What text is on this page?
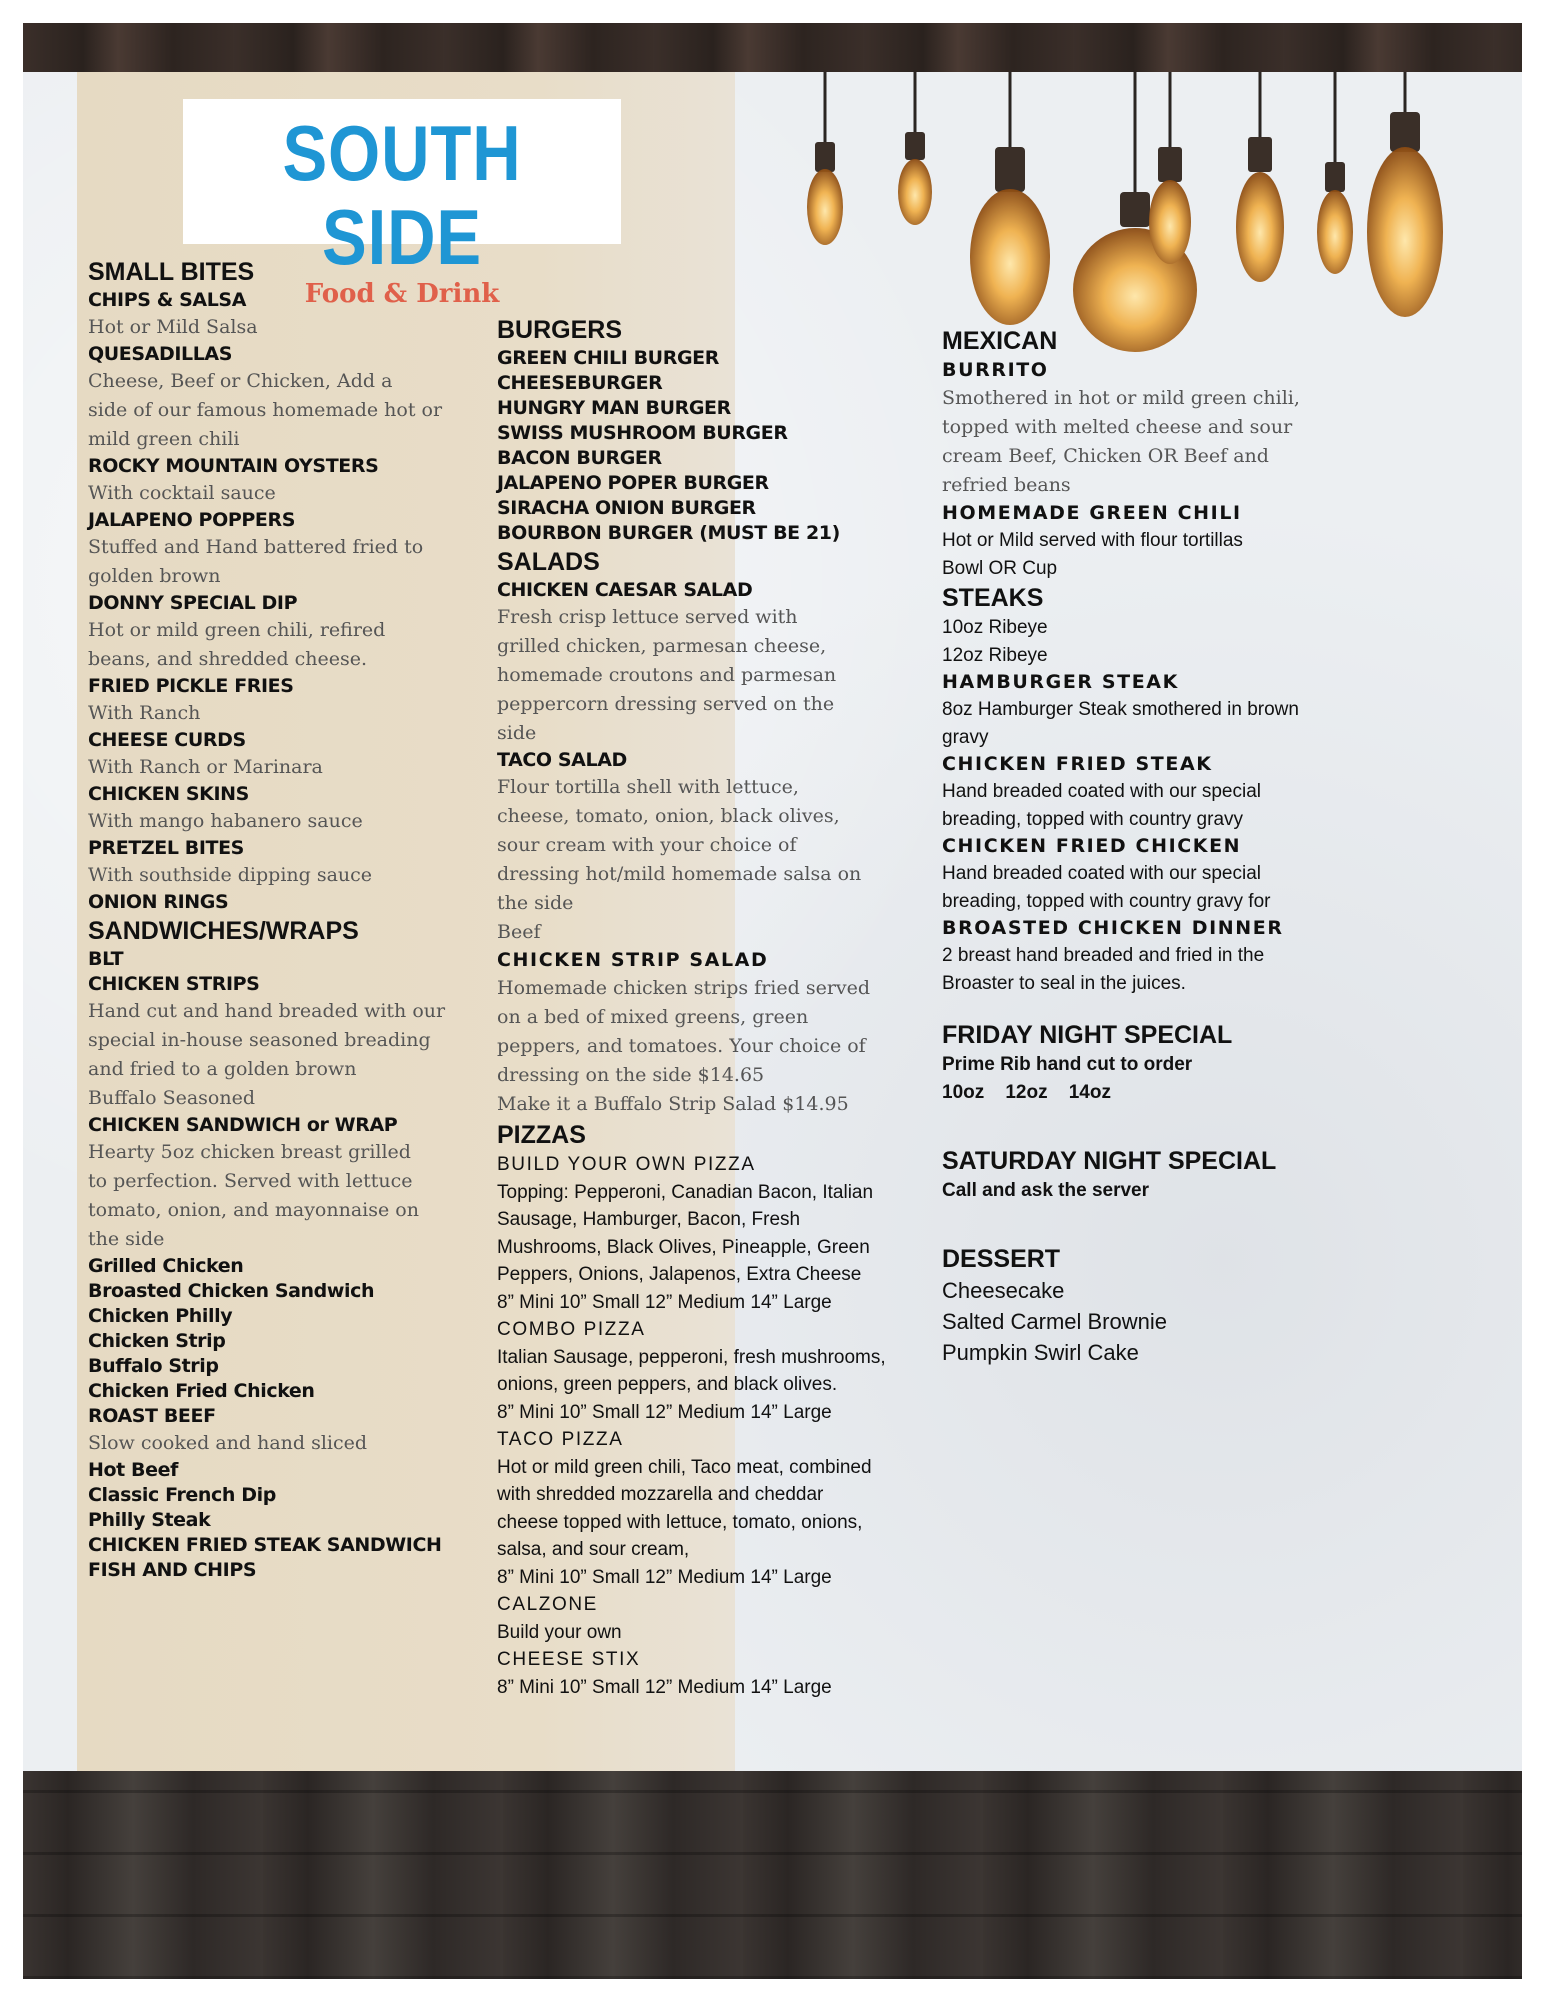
SOUTH SIDE
Food & Drink
SMALL BITES
CHIPS & SALSA
Hot or Mild Salsa
QUESADILLAS
Cheese, Beef or Chicken, Add a
side of our famous homemade hot or
mild green chili
ROCKY MOUNTAIN OYSTERS
With cocktail sauce
JALAPENO POPPERS
Stuffed and Hand battered fried to
golden brown
DONNY SPECIAL DIP
Hot or mild green chili, refired
beans, and shredded cheese.
FRIED PICKLE FRIES
With Ranch
CHEESE CURDS
With Ranch or Marinara
CHICKEN SKINS
With mango habanero sauce
PRETZEL BITES
With southside dipping sauce
ONION RINGS
SANDWICHES/WRAPS
BLT
CHICKEN STRIPS
Hand cut and hand breaded with our
special in-house seasoned breading
and fried to a golden brown
Buffalo Seasoned
CHICKEN SANDWICH or WRAP
Hearty 5oz chicken breast grilled
to perfection. Served with lettuce
tomato, onion, and mayonnaise on
the side
Grilled Chicken
Broasted Chicken Sandwich
Chicken Philly
Chicken Strip
Buffalo Strip
Chicken Fried Chicken
ROAST BEEF
Slow cooked and hand sliced
Hot Beef
Classic French Dip
Philly Steak
CHICKEN FRIED STEAK SANDWICH
FISH AND CHIPS
BURGERS
GREEN CHILI BURGER
CHEESEBURGER
HUNGRY MAN BURGER
SWISS MUSHROOM BURGER
BACON BURGER
JALAPENO POPER BURGER
SIRACHA ONION BURGER
BOURBON BURGER (MUST BE 21)
SALADS
CHICKEN CAESAR SALAD
Fresh crisp lettuce served with
grilled chicken, parmesan cheese,
homemade croutons and parmesan
peppercorn dressing served on the
side
TACO SALAD
Flour tortilla shell with lettuce,
cheese, tomato, onion, black olives,
sour cream with your choice of
dressing hot/mild homemade salsa on
the side
Beef
CHICKEN STRIP SALAD
Homemade chicken strips fried served
on a bed of mixed greens, green
peppers, and tomatoes. Your choice of
dressing on the side $14.65
Make it a Buffalo Strip Salad $14.95
PIZZAS
BUILD YOUR OWN PIZZA
Topping: Pepperoni, Canadian Bacon, Italian
Sausage, Hamburger, Bacon, Fresh
Mushrooms, Black Olives, Pineapple, Green
Peppers, Onions, Jalapenos, Extra Cheese
8” Mini 10” Small 12” Medium 14” Large
COMBO PIZZA
Italian Sausage, pepperoni, fresh mushrooms,
onions, green peppers, and black olives.
8” Mini 10” Small 12” Medium 14” Large
TACO PIZZA
Hot or mild green chili, Taco meat, combined
with shredded mozzarella and cheddar
cheese topped with lettuce, tomato, onions,
salsa, and sour cream,
8” Mini 10” Small 12” Medium 14” Large
CALZONE
Build your own
CHEESE STIX
8” Mini 10” Small 12” Medium 14” Large
MEXICAN
BURRITO
Smothered in hot or mild green chili,
topped with melted cheese and sour
cream Beef, Chicken OR Beef and
refried beans
HOMEMADE GREEN CHILI
Hot or Mild served with flour tortillas
Bowl OR Cup
STEAKS
10oz Ribeye
12oz Ribeye
HAMBURGER STEAK
8oz Hamburger Steak smothered in brown
gravy
CHICKEN FRIED STEAK
Hand breaded coated with our special
breading, topped with country gravy
CHICKEN FRIED CHICKEN
Hand breaded coated with our special
breading, topped with country gravy for
BROASTED CHICKEN DINNER
2 breast hand breaded and fried in the
Broaster to seal in the juices.
FRIDAY NIGHT SPECIAL
Prime Rib hand cut to order
10oz    12oz    14oz
SATURDAY NIGHT SPECIAL
Call and ask the server
DESSERT
Cheesecake
Salted Carmel Brownie
Pumpkin Swirl Cake
